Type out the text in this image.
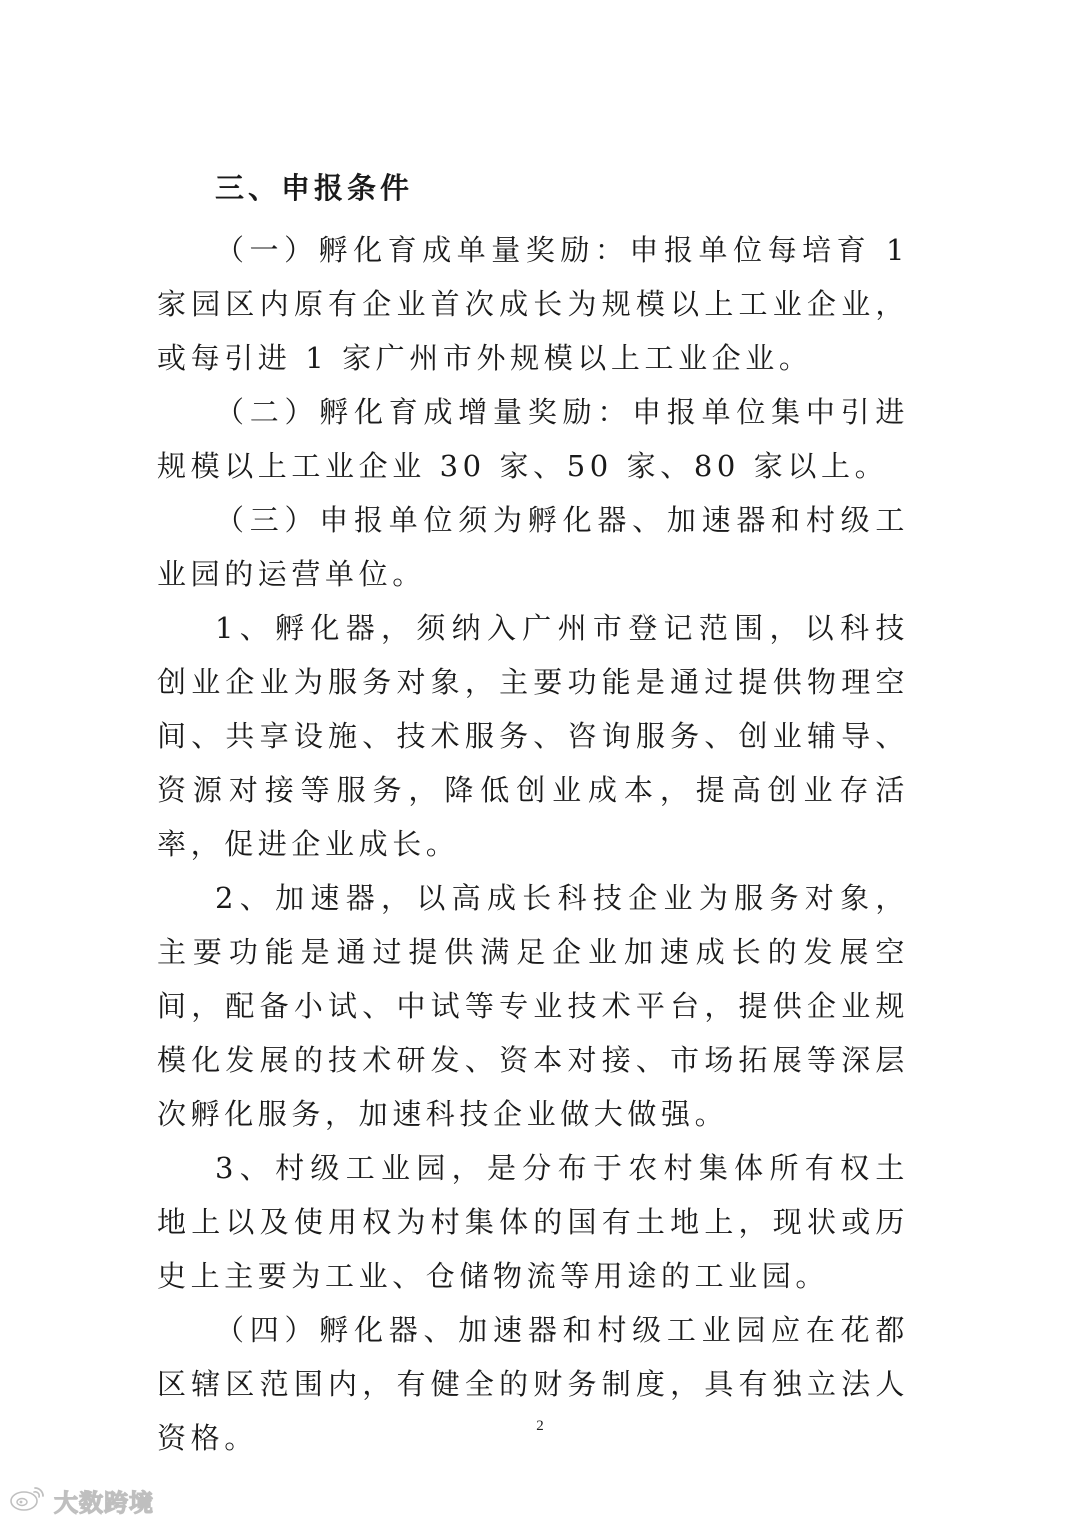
三、申报条件

（一）孵化育成单量奖励：申报单位每培育 1 家园区内原有企业首次成长为规模以上工业企业，或每引进 1 家广州市外规模以上工业企业。

（二）孵化育成增量奖励：申报单位集中引进规模以上工业企业 30 家、50 家、80 家以上。

（三）申报单位须为孵化器、加速器和村级工业园的运营单位。

1、孵化器，须纳入广州市登记范围，以科技创业企业为服务对象，主要功能是通过提供物理空间、共享设施、技术服务、咨询服务、创业辅导、资源对接等服务，降低创业成本，提高创业存活率，促进企业成长。

2、加速器，以高成长科技企业为服务对象，主要功能是通过提供满足企业加速成长的发展空间，配备小试、中试等专业技术平台，提供企业规模化发展的技术研发、资本对接、市场拓展等深层次孵化服务，加速科技企业做大做强。

3、村级工业园，是分布于农村集体所有权土地上以及使用权为村集体的国有土地上，现状或历史上主要为工业、仓储物流等用途的工业园。

（四）孵化器、加速器和村级工业园应在花都区辖区范围内，有健全的财务制度，具有独立法人资格。	2
大数跨境
